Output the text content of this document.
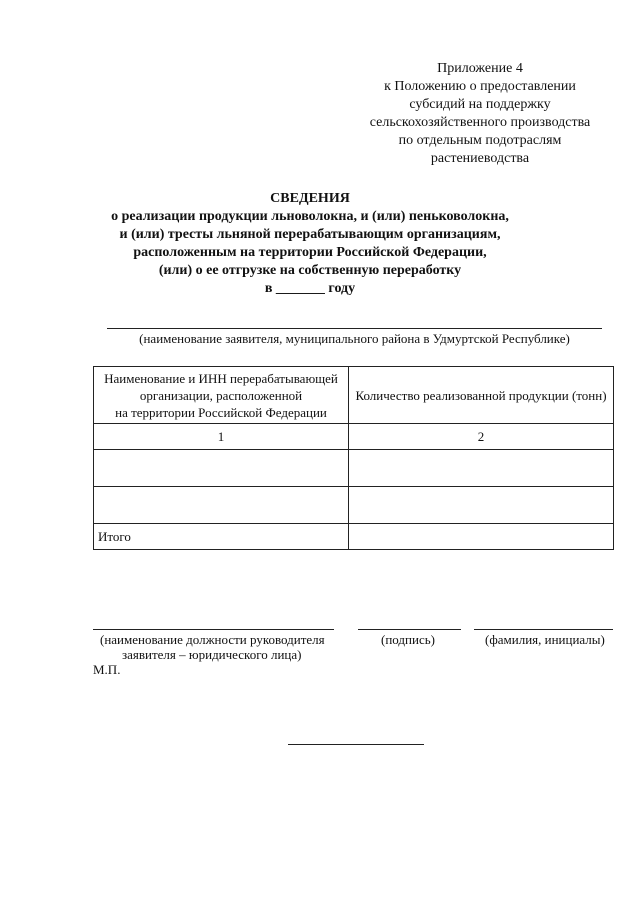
Приложение 4
к Положению о предоставлении
субсидий на поддержку
сельскохозяйственного производства
по отдельным подотраслям
растениеводства
СВЕДЕНИЯ
о реализации продукции льноволокна, и (или) пеньковолокна,
и (или) тресты льняной перерабатывающим организациям,
расположенным на территории Российской Федерации,
(или) о ее отгрузке на собственную переработку
в _______ году
(наименование заявителя, муниципального района в Удмуртской Республике)
Наименование и ИНН перерабатывающей
организации, расположенной
на территории Российской Федерации	Количество реализованной продукции (тонн)
1	2

Итого	
(наименование должности руководителя
заявителя – юридического лица)
(подпись)	(фамилия, инициалы)
М.П.
